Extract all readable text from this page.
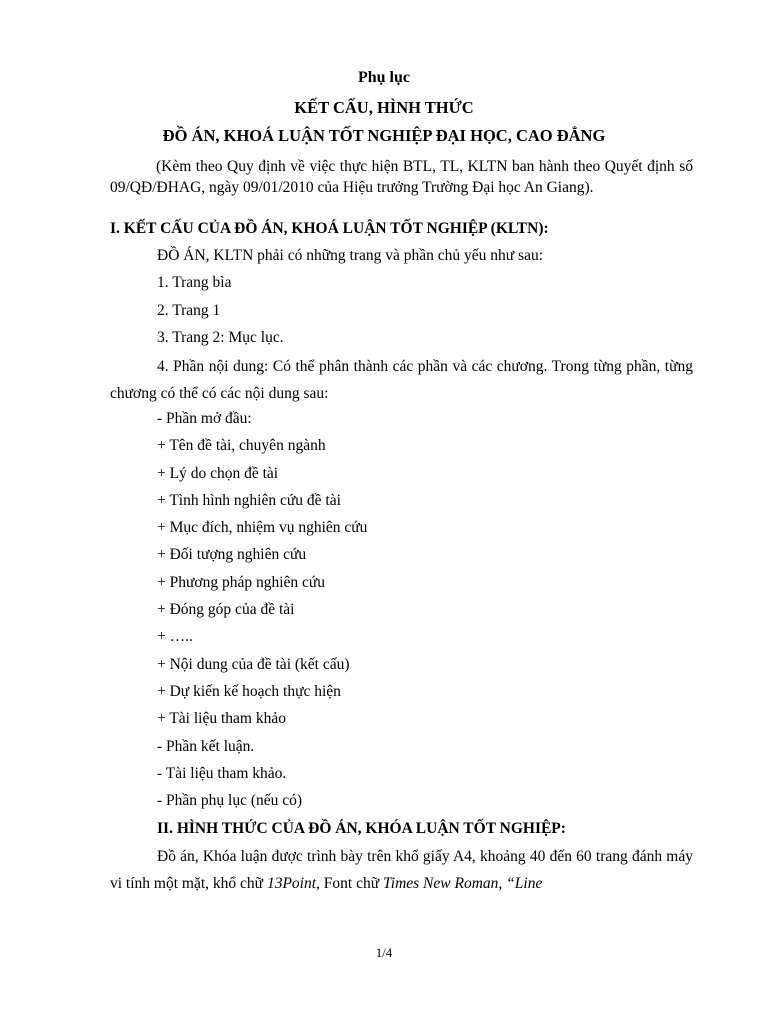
Phụ lục
KẾT CẤU, HÌNH THỨC
ĐỒ ÁN, KHOÁ LUẬN TỐT NGHIỆP ĐẠI HỌC, CAO ĐẲNG

(Kèm theo Quy định về việc thực hiện BTL, TL, KLTN ban hành theo Quyết định số 09/QĐ/ĐHAG, ngày 09/01/2010 của Hiệu trưởng Trường Đại học An Giang).

I. KẾT CẤU CỦA ĐỒ ÁN, KHOÁ LUẬN TỐT NGHIỆP (KLTN):

ĐỒ ÁN, KLTN phải có những trang và phần chủ yếu như sau:

1. Trang bìa

2. Trang 1

3. Trang 2: Mục lục.

4. Phần nội dung: Có thể phân thành các phần và các chương. Trong từng phần, từng chương có thể có các nội dung sau:

- Phần mở đầu:

+ Tên đề tài, chuyên ngành

+ Lý do chọn đề tài

+ Tình hình nghiên cứu đề tài

+ Mục đích, nhiệm vụ nghiên cứu

+ Đối tượng nghiên cứu

+ Phương pháp nghiên cứu

+ Đóng góp của đề tài

+ …..

+ Nội dung của đề tài (kết cấu)

+ Dự kiến kế hoạch thực hiện

+ Tài liệu tham khảo

- Phần kết luận.

- Tài liệu tham khảo.

- Phần phụ lục (nếu có)

II. HÌNH THỨC CỦA ĐỒ ÁN, KHÓA LUẬN TỐT NGHIỆP:

Đồ án, Khóa luận được trình bày trên khổ giấy A4, khoảng 40 đến 60 trang đánh máy vi tính một mặt, khổ chữ 13Point, Font chữ Times New Roman, “Line

1/4
